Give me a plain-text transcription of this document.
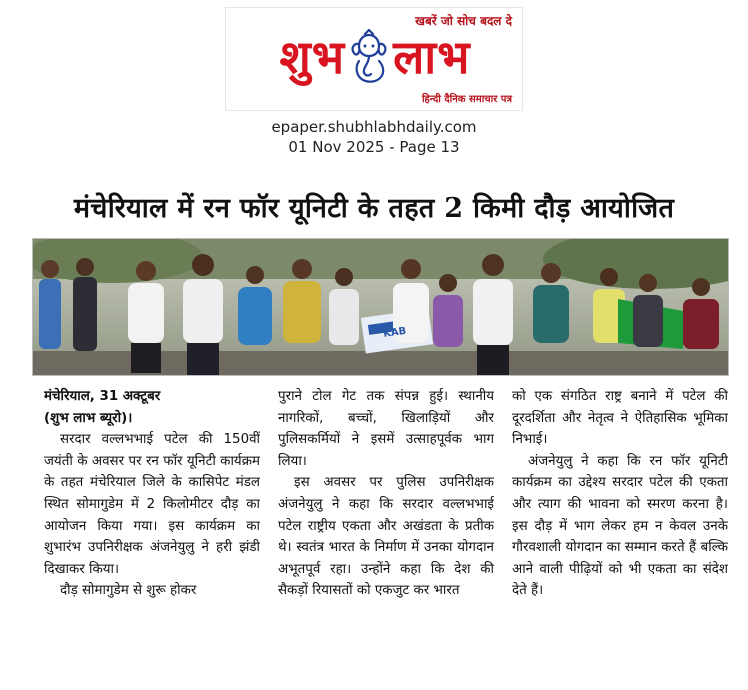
खबरें जो सोच बदल दे
शुभ लाभ
हिन्दी दैनिक समाचार पत्र
epaper.shubhlabhdaily.com
01 Nov 2025 - Page 13
मंचेरियाल में रन फॉर यूनिटी के तहत 2 किमी दौड़ आयोजित
KAB
मंचेरियाल, 31 अक्टूबर
(शुभ लाभ ब्यूरो)।
सरदार वल्लभभाई पटेल की 150वीं जयंती के अवसर पर रन फॉर यूनिटी कार्यक्रम के तहत मंचेरियाल जिले के कासिपेट मंडल स्थित सोमागुडेम में 2 किलोमीटर दौड़ का आयोजन किया गया। इस कार्यक्रम का शुभारंभ उपनिरीक्षक अंजनेयुलु ने हरी झंडी दिखाकर किया।
दौड़ सोमागुडेम से शुरू होकर
पुराने टोल गेट तक संपन्न हुई। स्थानीय नागरिकों, बच्चों, खिलाड़ियों और पुलिसकर्मियों ने इसमें उत्साहपूर्वक भाग लिया।
इस अवसर पर पुलिस उपनिरीक्षक अंजनेयुलु ने कहा कि सरदार वल्लभभाई पटेल राष्ट्रीय एकता और अखंडता के प्रतीक थे। स्वतंत्र भारत के निर्माण में उनका योगदान अभूतपूर्व रहा। उन्होंने कहा कि देश की सैकड़ों रियासतों को एकजुट कर भारत
को एक संगठित राष्ट्र बनाने में पटेल की दूरदर्शिता और नेतृत्व ने ऐतिहासिक भूमिका निभाई।
अंजनेयुलु ने कहा कि रन फॉर यूनिटी कार्यक्रम का उद्देश्य सरदार पटेल की एकता और त्याग की भावना को स्मरण करना है। इस दौड़ में भाग लेकर हम न केवल उनके गौरवशाली योगदान का सम्मान करते हैं बल्कि आने वाली पीढ़ियों को भी एकता का संदेश देते हैं।
